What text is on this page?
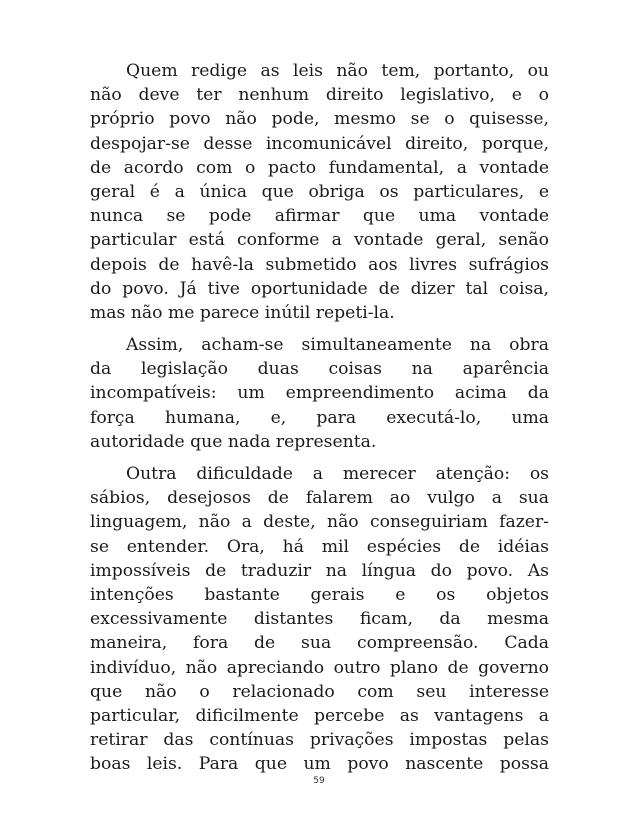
Quem redige as leis não tem, portanto, ou
não deve ter nenhum direito legislativo, e o
próprio povo não pode, mesmo se o quisesse,
despojar-se desse incomunicável direito, porque,
de acordo com o pacto fundamental, a vontade
geral é a única que obriga os particulares, e
nunca se pode afirmar que uma vontade
particular está conforme a vontade geral, senão
depois de havê-la submetido aos livres sufrágios
do povo. Já tive oportunidade de dizer tal coisa,
mas não me parece inútil repeti-la.
Assim, acham-se simultaneamente na obra
da legislação duas coisas na aparência
incompatíveis: um empreendimento acima da
força humana, e, para executá-lo, uma
autoridade que nada representa.
Outra dificuldade a merecer atenção: os
sábios, desejosos de falarem ao vulgo a sua
linguagem, não a deste, não conseguiriam fazer-
se entender. Ora, há mil espécies de idéias
impossíveis de traduzir na língua do povo. As
intenções bastante gerais e os objetos
excessivamente distantes ficam, da mesma
maneira, fora de sua compreensão. Cada
indivíduo, não apreciando outro plano de governo
que não o relacionado com seu interesse
particular, dificilmente percebe as vantagens a
retirar das contínuas privações impostas pelas
boas leis. Para que um povo nascente possa
59
